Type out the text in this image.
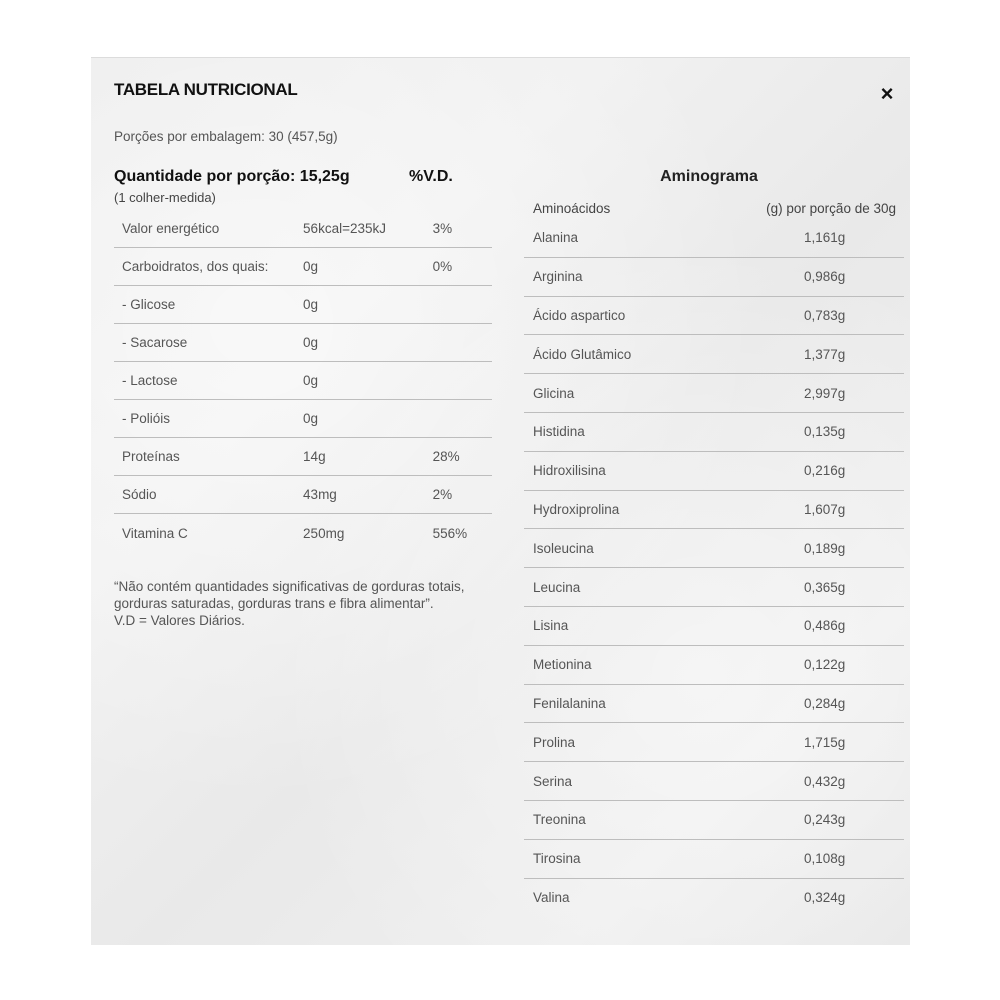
TABELA NUTRICIONAL	×
Porções por embalagem: 30 (457,5g)
Quantidade por porção: 15,25g	%V.D.
(1 colher-medida)
Valor energético	56kcal=235kJ	3%
Carboidratos, dos quais:	0g	0%
- Glicose	0g
- Sacarose	0g
- Lactose	0g
- Polióis	0g
Proteínas	14g	28%
Sódio	43mg	2%
Vitamina C	250mg	556%
“Não contém quantidades significativas de gorduras totais, gorduras saturadas, gorduras trans e fibra alimentar”.
V.D = Valores Diários.
Aminograma
Aminoácidos	(g) por porção de 30g
Alanina	1,161g
Arginina	0,986g
Ácido aspartico	0,783g
Ácido Glutâmico	1,377g
Glicina	2,997g
Histidina	0,135g
Hidroxilisina	0,216g
Hydroxiprolina	1,607g
Isoleucina	0,189g
Leucina	0,365g
Lisina	0,486g
Metionina	0,122g
Fenilalanina	0,284g
Prolina	1,715g
Serina	0,432g
Treonina	0,243g
Tirosina	0,108g
Valina	0,324g
